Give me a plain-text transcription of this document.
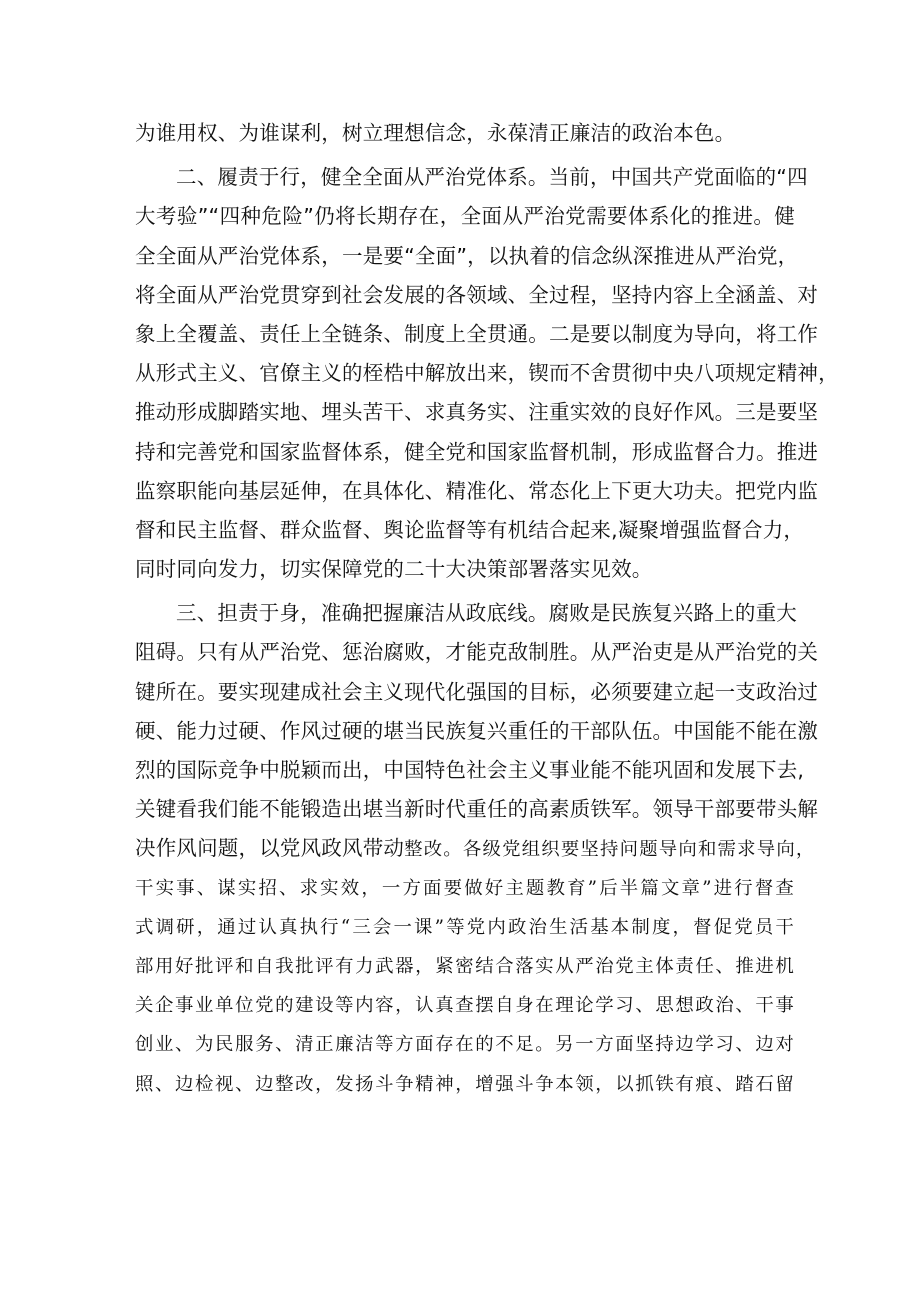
为谁用权、为谁谋利，树立理想信念，永葆清正廉洁的政治本色。
二、履责于行，健全全面从严治党体系。当前，中国共产党面临的“四
大考验”“四种危险”仍将长期存在，全面从严治党需要体系化的推进。健
全全面从严治党体系，一是要“全面”，以执着的信念纵深推进从严治党，
将全面从严治党贯穿到社会发展的各领域、全过程，坚持内容上全涵盖、对
象上全覆盖、责任上全链条、制度上全贯通。二是要以制度为导向，将工作
从形式主义、官僚主义的桎梏中解放出来，锲而不舍贯彻中央八项规定精神，
推动形成脚踏实地、埋头苦干、求真务实、注重实效的良好作风。三是要坚
持和完善党和国家监督体系，健全党和国家监督机制，形成监督合力。推进
监察职能向基层延伸，在具体化、精准化、常态化上下更大功夫。把党内监
督和民主监督、群众监督、舆论监督等有机结合起来,凝聚增强监督合力，
同时同向发力，切实保障党的二十大决策部署落实见效。
三、担责于身，准确把握廉洁从政底线。腐败是民族复兴路上的重大
阻碍。只有从严治党、惩治腐败，才能克敌制胜。从严治吏是从严治党的关
键所在。要实现建成社会主义现代化强国的目标，必须要建立起一支政治过
硬、能力过硬、作风过硬的堪当民族复兴重任的干部队伍。中国能不能在激
烈的国际竞争中脱颖而出，中国特色社会主义事业能不能巩固和发展下去,
关键看我们能不能锻造出堪当新时代重任的高素质铁军。领导干部要带头解
决作风问题，以党风政风带动整改。各级党组织要坚持问题导向和需求导向，
干实事、谋实招、求实效，一方面要做好主题教育”后半篇文章”进行督查
式调研，通过认真执行“三会一课”等党内政治生活基本制度，督促党员干
部用好批评和自我批评有力武器，紧密结合落实从严治党主体责任、推进机
关企事业单位党的建设等内容，认真查摆自身在理论学习、思想政治、干事
创业、为民服务、清正廉洁等方面存在的不足。另一方面坚持边学习、边对
照、边检视、边整改，发扬斗争精神，增强斗争本领，以抓铁有痕、踏石留
